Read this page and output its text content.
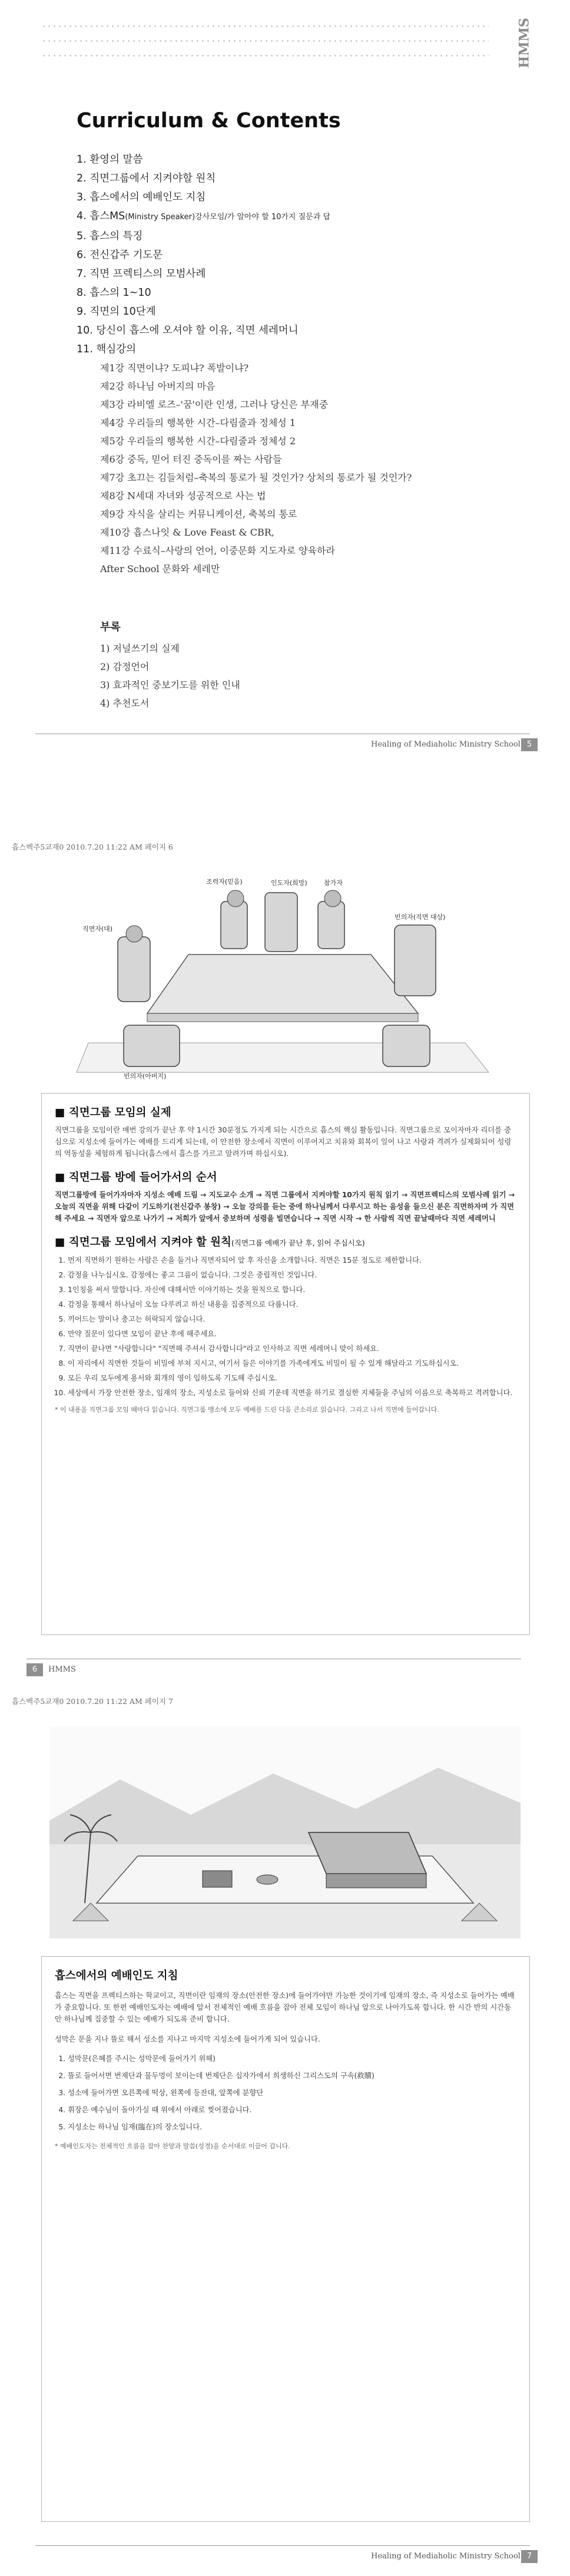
HMMS
Curriculum & Contents
1. 환영의 말씀
2. 직면그룹에서 지켜야할 원칙
3. 흡스에서의 예배인도 지침
4. 흡스MS(Ministry Speaker)강사모임/가 알아야 할 10가지 질문과 답
5. 흡스의 특징
6. 전신갑주 기도문
7. 직면 프렉티스의 모범사례
8. 흡스의 1~10
9. 직면의 10단계
10. 당신이 흡스에 오셔야 할 이유, 직면 세레머니
11. 핵심강의
제1강 직면이냐? 도피냐? 폭발이냐?
제2강 하나님 아버지의 마음
제3강 라비엘 로즈–'꿈'이란 인생, 그러나 당신은 부재중
제4강 우리들의 행복한 시간–다림줄과 정체성 1
제5강 우리들의 행복한 시간–다림줄과 정체성 2
제6강 중독, 믿어 터진 중독이를 짜는 사람들
제7강 초끄는 김들처럼–축복의 통로가 될 것인가? 상처의 통로가 될 것인가?
제8강 N세대 자녀와 성공적으로 사는 법
제9강 자식을 살리는 커뮤니케이션, 축복의 통로
제10강 흡스나잇 & Love Feast & CBR,
제11강 수료식–사랑의 언어, 이중문화 지도자로 양육하라
After School 문화와 세레만
부록
1) 저널쓰기의 실제
2) 감정언어
3) 효과적인 중보기도를 위한 인내
4) 추천도서
Healing of Mediaholic Ministry School 5
흡스벡주5교재0 2010.7.20 11:22 AM 페이지 6
인도자(희망)
조력자(믿음)	참가자
빈의자(직면 대상)
빈의자(아버지)
직면자(대)
■ 직면그룹 모임의 실제

직면그룹을 모임이란 매번 강의가 끝난 후 약 1시간 30분정도 가지게 되는 시간으로 흡스의 핵심 활동입니다. 직면그룹으로 모이자마자 리더를 중심으로 지성소에 들어가는 예배를 드리게 되는데, 이 안전한 장소에서 직면이 이루어지고 치유와 회복이 일어 나고 사랑과 격려가 실제화되어 성령의 역동성을 체험하게 됩니다(흡스에서 흡스를 가르고 알려가며 하십시오).

■ 직면그룹 방에 들어가서의 순서

직면그룹방에 들어가자마자 지성소 예배 드림 → 지도교수 소개 → 직면 그룹에서 지켜야할 10가지 원칙 읽기 → 직면프렉티스의 모범사례 읽기 → 오늘의 직면을 위해 다같이 기도하기(전신갑주 봉창) → 오늘 강의를 듣는 중에 하나님께서 다루시고 하는 음성을 들으신 분은 직면하자며 가 직면해 주세요 → 직면자 앞으로 나가기 → 저희가 앞에서 중보하며 성령을 빌면습니다 → 직면 시작 → 한 사람씩 직면 끝날때마다 직면 세레머니

■ 직면그룹 모임에서 지켜야 할 원칙(직면그룹 예배가 끝난 후, 읽어 주십시오)
1. 먼저 직면하기 원하는 사람은 손을 들거나 직면자되어 앞 후 자신을 소개합니다. 직면은 15분 정도로 제한합니다.
2. 감정을 나누십시오. 감정에는 좋고 그름이 없습니다. 그것은 중립적인 것입니다.
3. 1인칭을 써서 말합니다. 자신에 대해서만 이야기하는 것을 원칙으로 합니다.
4. 감정을 통해서 하나님이 오늘 다루려고 하신 내용을 집중적으로 다룹니다.
5. 끼어드는 말이나 충고는 허락되지 않습니다.
6. 만약 질문이 있다면 모임이 끝난 후에 해주세요.
7. 직면이 끝나면 "사랑합니다" "직면해 주셔서 감사합니다"라고 인사하고 직면 세레머니 맞이 하세요.
8. 이 자리에서 직면한 것들이 비밀에 부쳐 지시고, 여기서 들은 이야기를 가족에게도 비밀이 될 수 있게 해달라고 기도하십시오.
9. 모든 우리 모두에게 용서와 회개의 영이 임하도록 기도해 주십시오.
10. 세상에서 가장 안전한 장소, 임재의 장소, 지성소로 들어와 신뢰 기운데 직면을 하기로 결심한 지체들을 주님의 이름으로 축복하고 격려합니다.
* 이 내용을 직면그룹 모임 때마다 읽습니다. 직면그룹 맹소에 모두 예배를 드린 다음 큰소리로 읽습니다. 그리고 나서 직면에 들어갑니다.
6	HMMS
흡스벡주5교재0 2010.7.20 11:22 AM 페이지 7
흡스에서의 예배인도 지침

흡스는 직면을 프렉티스하는 학교이고, 직면이란 임재의 장소(안전한 장소)에 들어가야만 가능한 것이기에 임재의 장소, 즉 지성소로 들어가는 예배가 중요합니다. 또 한편 예배인도자는 예배에 앞서 전체적인 예배 흐름을 잡아 전체 모임이 하나님 앞으로 나아가도록 합니다. 한 시간 반의 시간동안 하나님께 집중할 수 있는 예배가 되도록 준비 합니다.

성막은 문을 지나 뜰로 해서 성소를 지나고 마지막 지성소에 들어가게 되어 있습니다.

1. 성막문(은혜를 주시는 성막문에 들어가기 위해)
2. 뜰로 들어서면 번제단과 물두멍이 보이는데 번제단은 십자가에서 희생하신 그리스도의 구속(救贖)
3. 성소에 들어가면 오른쪽에 떡상, 왼쪽에 등잔대, 앞쪽에 분향단
4. 휘장은 예수님이 돌아가실 때 위에서 아래로 찢어졌습니다.
5. 지성소는 하나님 임재(臨在)의 장소입니다.
* 예배인도자는 전체적인 흐름을 잡아 찬양과 말씀(성경)을 순서대로 이끌어 갑니다.
Healing of Mediaholic Ministry School 7
